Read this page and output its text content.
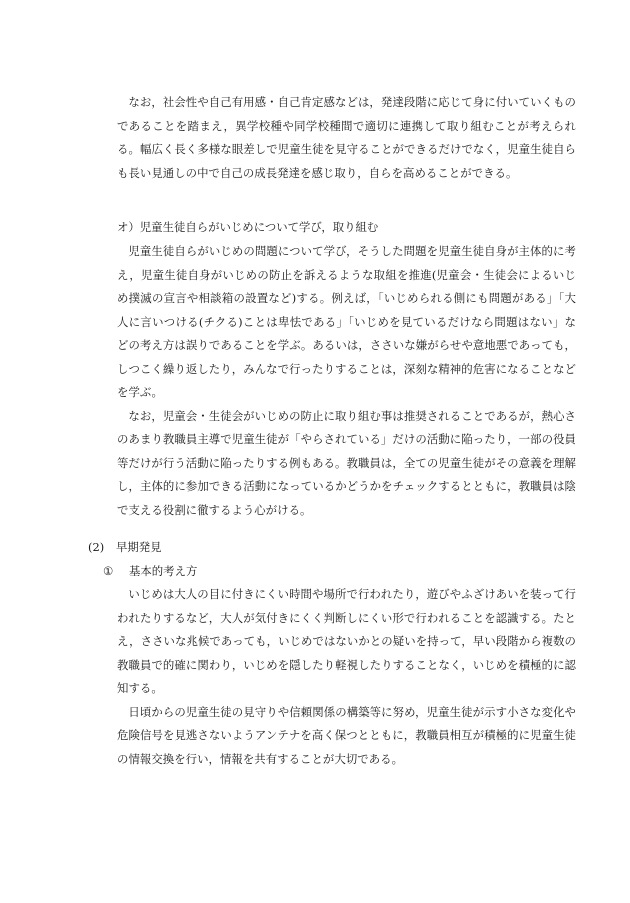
なお，社会性や自己有用感・自己肯定感などは，発達段階に応じて身に付いていくものであることを踏まえ，異学校種や同学校種間で適切に連携して取り組むことが考えられる。幅広く長く多様な眼差しで児童生徒を見守ることができるだけでなく，児童生徒自らも長い見通しの中で自己の成長発達を感じ取り，自らを高めることができる。

オ）児童生徒自らがいじめについて学び，取り組む

児童生徒自らがいじめの問題について学び，そうした問題を児童生徒自身が主体的に考え，児童生徒自身がいじめの防止を訴えるような取組を推進(児童会・生徒会によるいじめ撲滅の宣言や相談箱の設置など)する。例えば，「いじめられる側にも問題がある」「大人に言いつける(チクる)ことは卑怯である」「いじめを見ているだけなら問題はない」などの考え方は誤りであることを学ぶ。あるいは，ささいな嫌がらせや意地悪であっても，しつこく繰り返したり，みんなで行ったりすることは，深刻な精神的危害になることなどを学ぶ。

なお，児童会・生徒会がいじめの防止に取り組む事は推奨されることであるが，熱心さのあまり教職員主導で児童生徒が「やらされている」だけの活動に陥ったり，一部の役員等だけが行う活動に陥ったりする例もある。教職員は，全ての児童生徒がその意義を理解し，主体的に参加できる活動になっているかどうかをチェックするとともに，教職員は陰で支える役割に徹するよう心がける。

(2) 早期発見
① 基本的考え方

いじめは大人の目に付きにくい時間や場所で行われたり，遊びやふざけあいを装って行われたりするなど，大人が気付きにくく判断しにくい形で行われることを認識する。たとえ，ささいな兆候であっても，いじめではないかとの疑いを持って，早い段階から複数の教職員で的確に関わり，いじめを隠したり軽視したりすることなく，いじめを積極的に認知する。

日頃からの児童生徒の見守りや信頼関係の構築等に努め，児童生徒が示す小さな変化や危険信号を見逃さないようアンテナを高く保つとともに，教職員相互が積極的に児童生徒の情報交換を行い，情報を共有することが大切である。
